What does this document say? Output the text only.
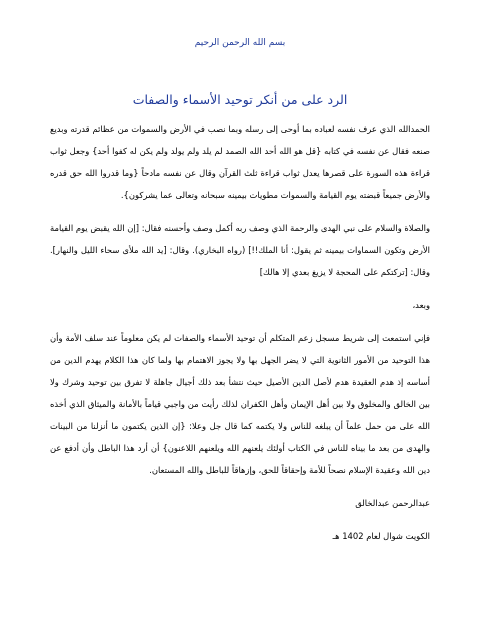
بسم الله الرحمن الرحيم
الرد على من أنكر توحيد الأسماء والصفات

الحمدالله الذي عرف نفسه لعباده بما أوحى إلى رسله وبما نصب في الأرض والسموات من عظائم قدرته وبديع صنعه فقال عن نفسه في كتابه {قل هو الله أحد الله الصمد لم يلد ولم يولد ولم يكن له كفوا أحد} وجعل ثواب قراءة هذه السورة على قصرها يعدل ثواب قراءة ثلث القرآن وقال عن نفسه مادحاً {وما قدروا الله حق قدره والأرض جميعاً قبضته يوم القيامة والسموات مطويات بيمينه سبحانه وتعالى عما يشركون}.

والصلاة والسلام على نبي الهدى والرحمة الذي وصف ربه أكمل وصف وأحسنه فقال: [إن الله يقبض يوم القيامة الأرض وتكون السماوات بيمينه ثم يقول: أنا الملك!!] (رواه البخاري). وقال: [يد الله ملأى سحاء الليل والنهار]. وقال: [تركتكم على المحجة لا يزيغ بعدي إلا هالك]

وبعد،

فإني استمعت إلى شريط مسجل زعم المتكلم أن توحيد الأسماء والصفات لم يكن معلوماً عند سلف الأمة وأن هذا التوحيد من الأمور الثانوية التي لا يضر الجهل بها ولا يجوز الاهتمام بها ولما كان هذا الكلام يهدم الدين من أساسه إذ هدم العقيدة هدم لأصل الدين الأصيل حيث نتشأ بعد ذلك أجيال جاهلة لا تفرق بين توحيد وشرك ولا بين الخالق والمخلوق ولا بين أهل الإيمان وأهل الكفران لذلك رأيت من واجبي قياماً بالأمانة والميثاق الذي أخذه الله على من حمل علماً أن يبلغه للناس ولا يكتمه كما قال جل وعلا: {إن الذين يكتمون ما أنزلنا من البينات والهدى من بعد ما بيناه للناس في الكتاب أولئك يلعنهم الله ويلعنهم اللاعنون} أن أرد هذا الباطل وأن أدفع عن دين الله وعقيدة الإسلام نصحاً للأمة وإحقاقاً للحق، وإزهاقاً للباطل والله المستعان.

عبدالرحمن عبدالخالق

الكويت شوال لعام 1402 هـ
